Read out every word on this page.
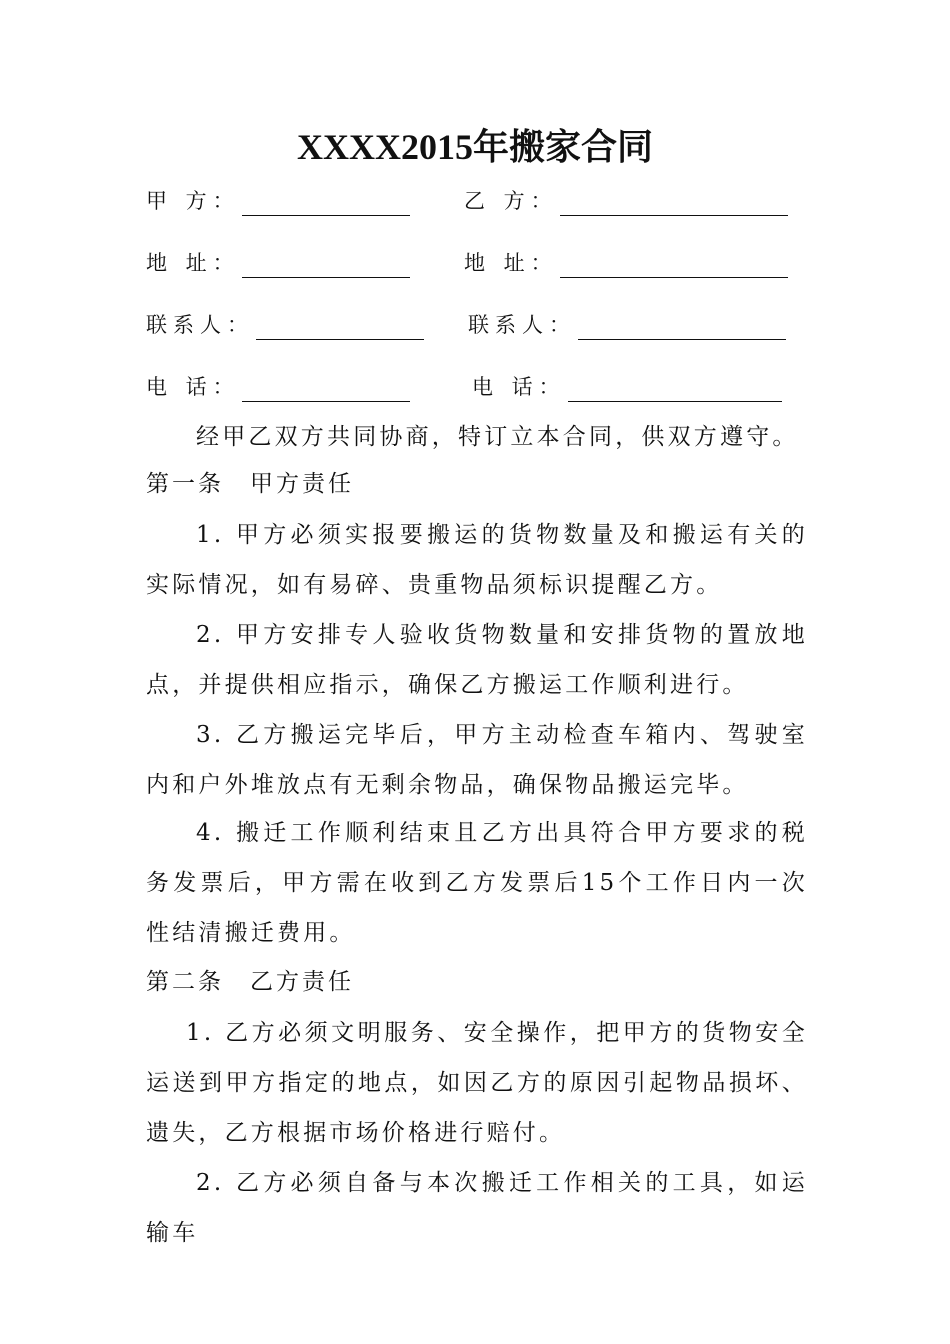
XXXX2015年搬家合同
甲 方：	乙 方：
地 址：	地 址：
联系人：	联系人：
电 话：	电 话：

经甲乙双方共同协商，特订立本合同，供双方遵守。

第一条　甲方责任

1. 甲方必须实报要搬运的货物数量及和搬运有关的实际情况，如有易碎、贵重物品须标识提醒乙方。

2. 甲方安排专人验收货物数量和安排货物的置放地点，并提供相应指示，确保乙方搬运工作顺利进行。

3. 乙方搬运完毕后，甲方主动检查车箱内、驾驶室内和户外堆放点有无剩余物品，确保物品搬运完毕。

4. 搬迁工作顺利结束且乙方出具符合甲方要求的税务发票后，甲方需在收到乙方发票后15个工作日内一次性结清搬迁费用。

第二条　乙方责任

1. 乙方必须文明服务、安全操作，把甲方的货物安全运送到甲方指定的地点，如因乙方的原因引起物品损坏、遗失，乙方根据市场价格进行赔付。

2. 乙方必须自备与本次搬迁工作相关的工具，如运输车
